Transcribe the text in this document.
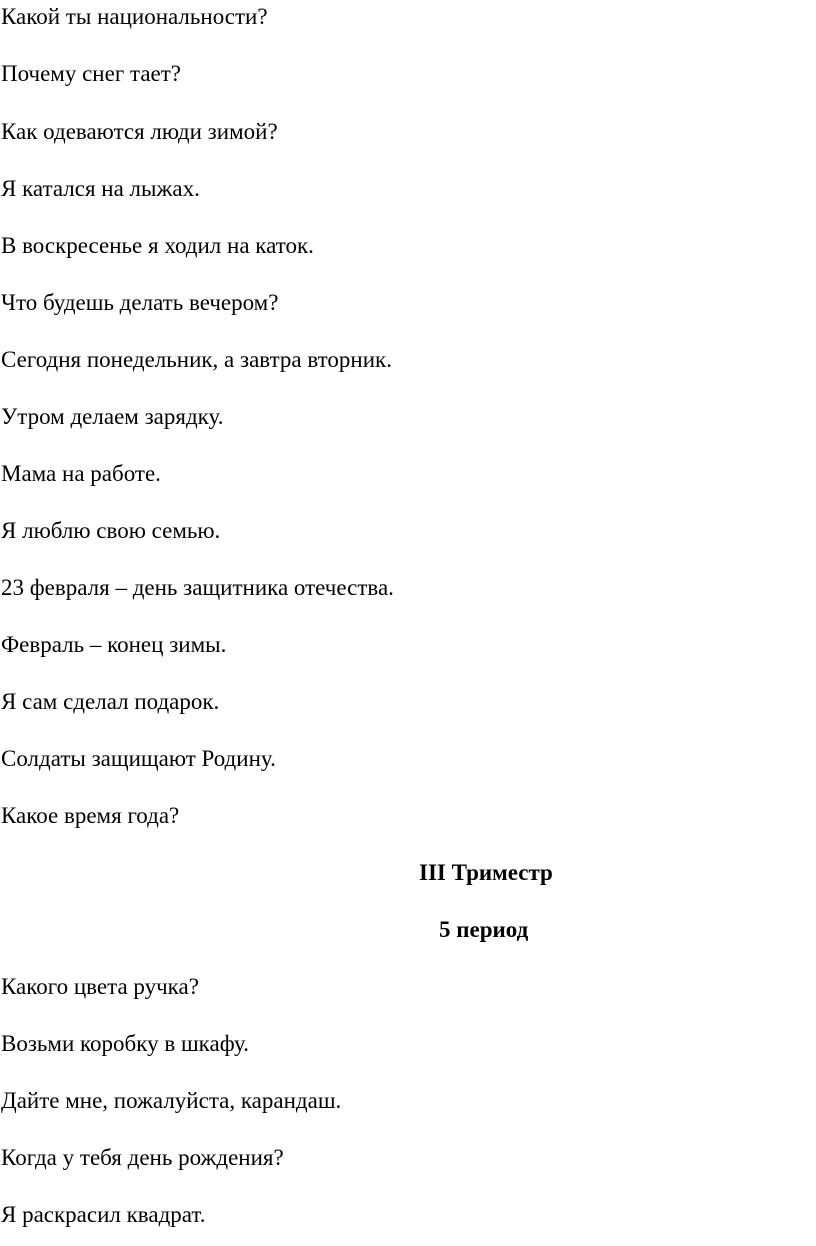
Какой ты национальности?

Почему снег тает?

Как одеваются люди зимой?

Я катался на лыжах.

В воскресенье я ходил на каток.

Что будешь делать вечером?

Сегодня понедельник, а завтра вторник.

Утром делаем зарядку.

Мама на работе.

Я люблю свою семью.

23 февраля – день защитника отечества.

Февраль – конец зимы.

Я сам сделал подарок.

Солдаты защищают Родину.

Какое время года?

III Триместр

5 период

Какого цвета ручка?

Возьми коробку в шкафу.

Дайте мне, пожалуйста, карандаш.

Когда у тебя день рождения?

Я раскрасил квадрат.
